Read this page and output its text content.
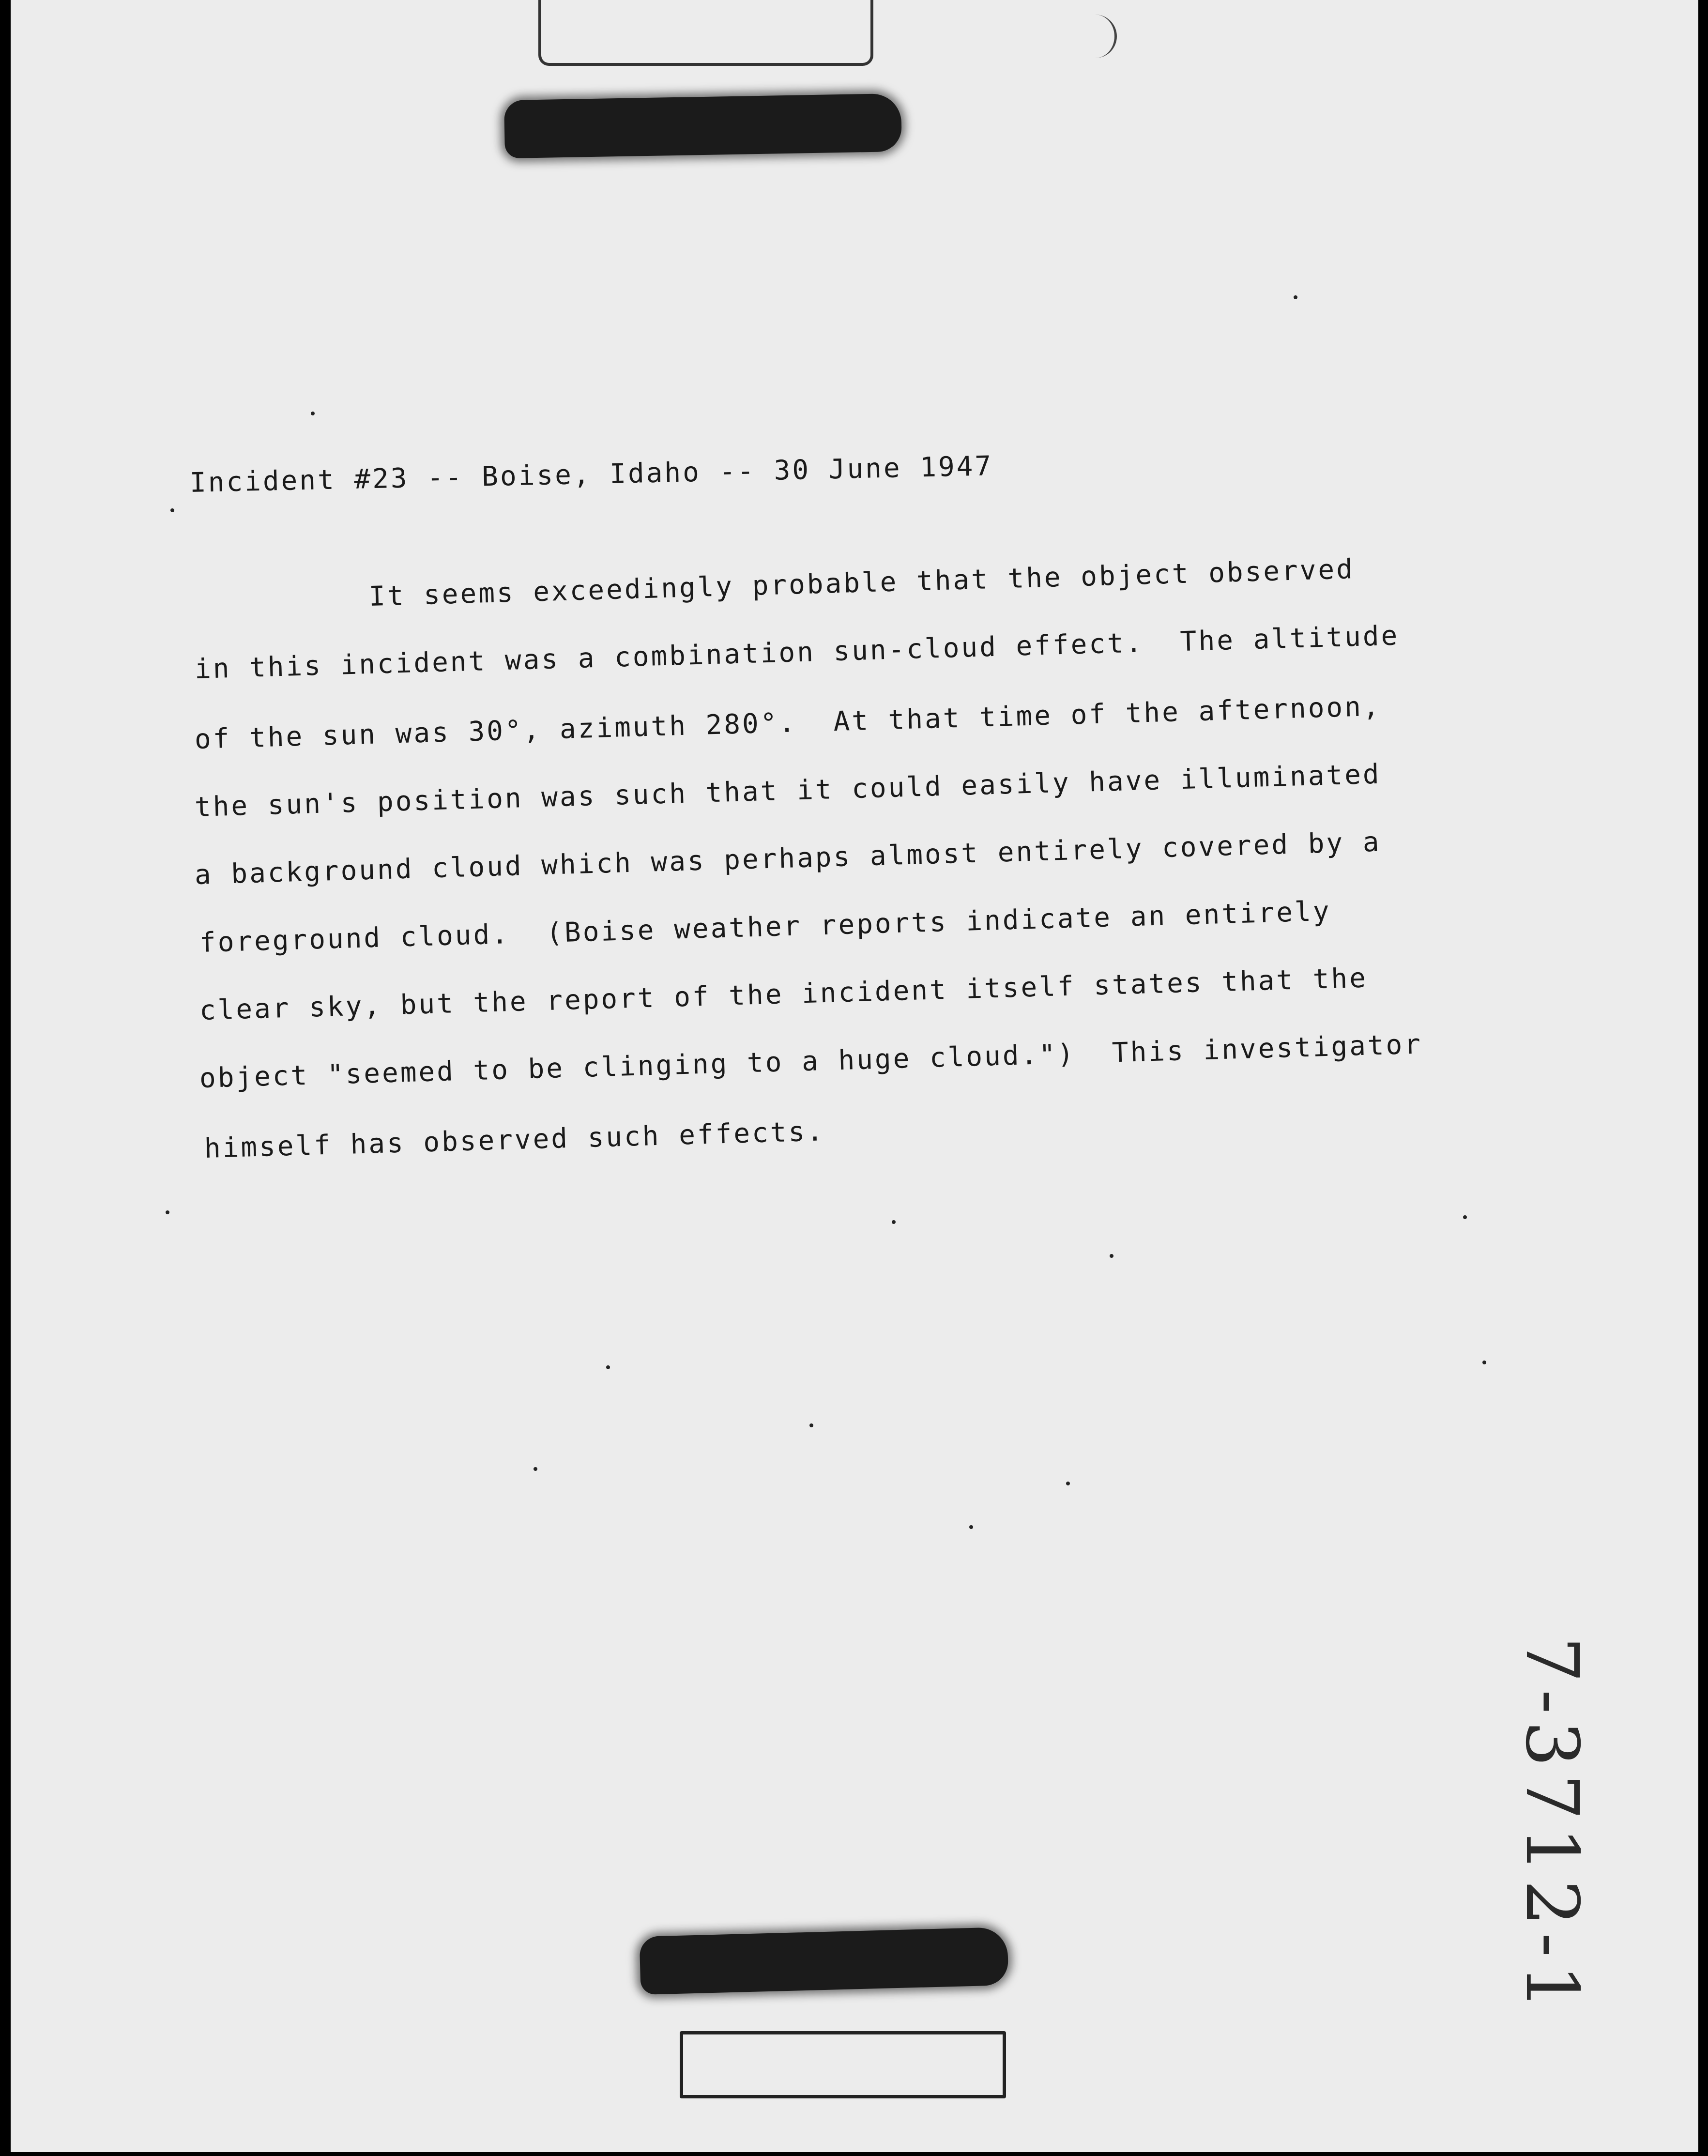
Incident #23 -- Boise, Idaho -- 30 June 1947
It seems exceedingly probable that the object observed
in this incident was a combination sun-cloud effect.  The altitude
of the sun was 30°, azimuth 280°.  At that time of the afternoon,
the sun's position was such that it could easily have illuminated
a background cloud which was perhaps almost entirely covered by a
foreground cloud.  (Boise weather reports indicate an entirely
clear sky, but the report of the incident itself states that the
object "seemed to be clinging to a huge cloud.")  This investigator
himself has observed such effects.
7-3712-1
